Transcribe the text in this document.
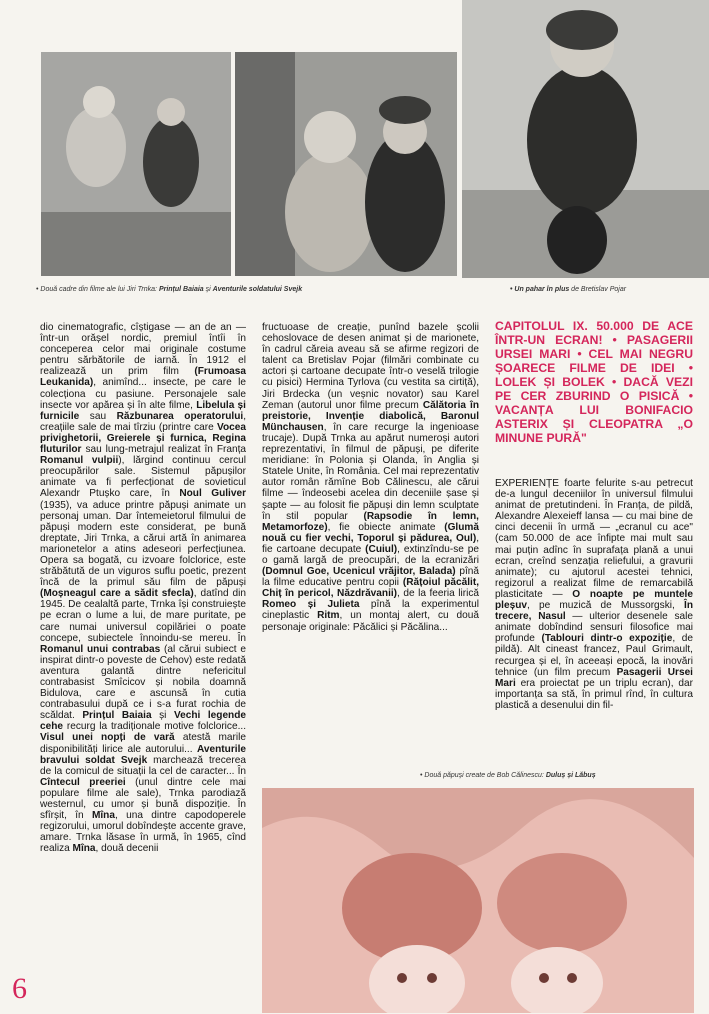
• Două cadre din filme ale lui Jiri Trnka: Prințul Baiaia și Aventurile soldatului Svejk	• Un pahar în plus de Bretislav Pojar

dio cinematografic, cîștigase — an de an — într-un orășel nordic, premiul întîi în conceperea celor mai originale costume pentru sărbătorile de iarnă. În 1912 el realizează un prim film (Frumoasa Leukanida), animînd... insecte, pe care le colecționa cu pasiune. Personajele sale insecte vor apărea și în alte filme, Libelula și furnicile sau Răzbunarea operatorului, creațiile sale de mai tîrziu (printre care Vocea privighetorii, Greierele și furnica, Regina fluturilor sau lung-metrajul realizat în Franța Romanul vulpii), lărgind continuu cercul preocupărilor sale. Sistemul păpușilor animate va fi perfecționat de sovieticul Alexandr Ptușko care, în Noul Guliver (1935), va aduce printre păpuși animate un personaj uman. Dar întemeietorul filmului de păpuși modern este considerat, pe bună dreptate, Jiri Trnka, a cărui artă în animarea marionetelor a atins adeseori perfecțiunea. Opera sa bogată, cu izvoare folclorice, este străbătută de un viguros suflu poetic, prezent încă de la primul său film de păpuși (Moșneagul care a sădit sfecla), datînd din 1945. De cealaltă parte, Trnka își construiește pe ecran o lume a lui, de mare puritate, pe care numai universul copilăriei o poate concepe, subiectele înnoindu-se mereu. În Romanul unui contrabas (al cărui subiect e inspirat dintr-o poveste de Cehov) este redată aventura galantă dintre nefericitul contrabasist Smîcicov și nobila doamnă Bidulova, care e ascunsă în cutia contrabasului după ce i s-a furat rochia de scăldat. Prințul Baiaia și Vechi legende cehe recurg la tradiționale motive folclorice... Visul unei nopți de vară atestă marile disponibilități lirice ale autorului... Aventurile bravului soldat Svejk marchează trecerea de la comicul de situații la cel de caracter... În Cîntecul preeriei (unul dintre cele mai populare filme ale sale), Trnka parodiază westernul, cu umor și bună dispoziție. În sfîrșit, în Mîna, una dintre capodoperele regizorului, umorul dobîndește accente grave, amare. Trnka lăsase în urmă, în 1965, cînd realiza Mîna, două decenii

fructuoase de creație, punînd bazele școlii cehoslovace de desen animat și de marionete, în cadrul căreia aveau să se afirme regizori de talent ca Bretislav Pojar (filmări combinate cu actori și cartoane decupate într-o veselă trilogie cu pisici) Hermina Tyrlova (cu vestita sa cirtiță), Jiri Brdecka (un veșnic novator) sau Karel Zeman (autorul unor filme precum Călătoria în preistorie, Invenție diabolică, Baronul Münchausen, în care recurge la ingenioase trucaje). După Trnka au apărut numeroși autori reprezentativi, în filmul de păpuși, pe diferite meridiane: în Polonia și Olanda, în Anglia și Statele Unite, în România. Cel mai reprezentativ autor român rămîne Bob Călinescu, ale cărui filme — îndeosebi acelea din deceniile șase și șapte — au folosit fie păpuși din lemn sculptate în stil popular (Rapsodie în lemn, Metamorfoze), fie obiecte animate (Glumă nouă cu fier vechi, Toporul și pădurea, Oul), fie cartoane decupate (Cuiul), extinzîndu-se pe o gamă largă de preocupări, de la ecranizări (Domnul Goe, Ucenicul vrăjitor, Balada) pînă la filme educative pentru copii (Rățoiul păcălit, Chiț în pericol, Năzdrăvanii), de la feeria lirică Romeo și Julieta pînă la experimentul cineplastic Ritm, un montaj alert, cu două personaje originale: Păcălici și Păcălina...

CAPITOLUL IX. 50.000 DE ACE ÎNTR-UN ECRAN! • PASAGERII URSEI MARI • CEL MAI NEGRU ȘOARECE FILME DE IDEI • LOLEK ȘI BOLEK • DACĂ VEZI PE CER ZBURIND O PISICĂ • VACANȚA LUI BONIFACIO ASTERIX ȘI CLEOPATRA „O MINUNE PURĂ"

EXPERIENȚE foarte felurite s-au petrecut de-a lungul deceniilor în universul filmului animat de pretutindeni. În Franța, de pildă, Alexandre Alexeieff lansa — cu mai bine de cinci decenii în urmă — „ecranul cu ace" (cam 50.000 de ace înfipte mai mult sau mai puțin adînc în suprafața plană a unui ecran, creînd senzația reliefului, a gravurii animate); cu ajutorul acestei tehnici, regizorul a realizat filme de remarcabilă plasticitate — O noapte pe muntele pleșuv, pe muzică de Mussorgski, În trecere, Nasul — ulterior desenele sale animate dobîndind sensuri filosofice mai profunde (Tablouri dintr-o expoziție, de pildă). Alt cineast francez, Paul Grimault, recurgea și el, în aceeași epocă, la inovări tehnice (un film precum Pasagerii Ursei Mari era proiectat pe un triplu ecran), dar importanța sa stă, în primul rînd, în cultura plastică a desenului din fil-

• Două păpuși create de Bob Călinescu: Duluș și Lăbuș
6
